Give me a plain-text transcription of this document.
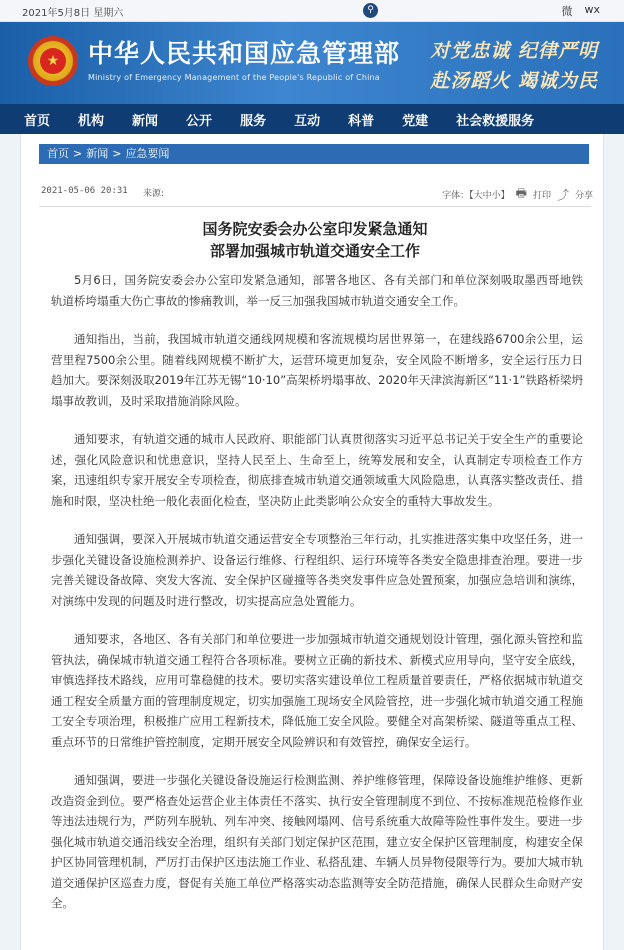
2021年5月8日 星期六	⚲	微 wx
★ 中华人民共和国应急管理部
Ministry of Emergency Management of the People's Republic of China
对党忠诚 纪律严明
赴汤蹈火 竭诚为民
首页 机构 新闻 公开 服务 互动 科普 党建 社会救援服务
首页 > 新闻 > 应急要闻
2021-05-06 20:31 来源:	字体：【大中小】 🖶 打印 ⤴ 分享
国务院安委会办公室印发紧急通知
部署加强城市轨道交通安全工作

5月6日，国务院安委会办公室印发紧急通知，部署各地区、各有关部门和单位深刻吸取墨西哥地铁轨道桥垮塌重大伤亡事故的惨痛教训，举一反三加强我国城市轨道交通安全工作。

通知指出，当前，我国城市轨道交通线网规模和客流规模均居世界第一，在建线路6700余公里，运营里程7500余公里。随着线网规模不断扩大，运营环境更加复杂，安全风险不断增多，安全运行压力日趋加大。要深刻汲取2019年江苏无锡“10·10”高架桥坍塌事故、2020年天津滨海新区“11·1”铁路桥梁坍塌事故教训，及时采取措施消除风险。

通知要求，有轨道交通的城市人民政府、职能部门认真贯彻落实习近平总书记关于安全生产的重要论述，强化风险意识和忧患意识，坚持人民至上、生命至上，统筹发展和安全，认真制定专项检查工作方案，迅速组织专家开展安全专项检查，彻底排查城市轨道交通领域重大风险隐患，认真落实整改责任、措施和时限，坚决杜绝一般化表面化检查，坚决防止此类影响公众安全的重特大事故发生。

通知强调，要深入开展城市轨道交通运营安全专项整治三年行动，扎实推进落实集中攻坚任务，进一步强化关键设备设施检测养护、设备运行维修、行程组织、运行环境等各类安全隐患排查治理。要进一步完善关键设备故障、突发大客流、安全保护区碰撞等各类突发事件应急处置预案，加强应急培训和演练，对演练中发现的问题及时进行整改，切实提高应急处置能力。

通知要求，各地区、各有关部门和单位要进一步加强城市轨道交通规划设计管理，强化源头管控和监管执法，确保城市轨道交通工程符合各项标准。要树立正确的新技术、新模式应用导向，坚守安全底线，审慎选择技术路线，应用可靠稳健的技术。要切实落实建设单位工程质量首要责任，严格依据城市轨道交通工程安全质量方面的管理制度规定，切实加强施工现场安全风险管控，进一步强化城市轨道交通工程施工安全专项治理，积极推广应用工程新技术，降低施工安全风险。要健全对高架桥梁、隧道等重点工程、重点环节的日常维护管控制度，定期开展安全风险辨识和有效管控，确保安全运行。

通知强调，要进一步强化关键设备设施运行检测监测、养护维修管理，保障设备设施维护维修、更新改造资金到位。要严格查处运营企业主体责任不落实、执行安全管理制度不到位、不按标准规范检修作业等违法违规行为，严防列车脱轨、列车冲突、接触网塌网、信号系统重大故障等险性事件发生。要进一步强化城市轨道交通沿线安全治理，组织有关部门划定保护区范围，建立安全保护区管理制度，构建安全保护区协同管理机制，严厉打击保护区违法施工作业、私搭乱建、车辆人员异物侵限等行为。要加大城市轨道交通保护区巡查力度，督促有关施工单位严格落实动态监测等安全防范措施，确保人民群众生命财产安全。
